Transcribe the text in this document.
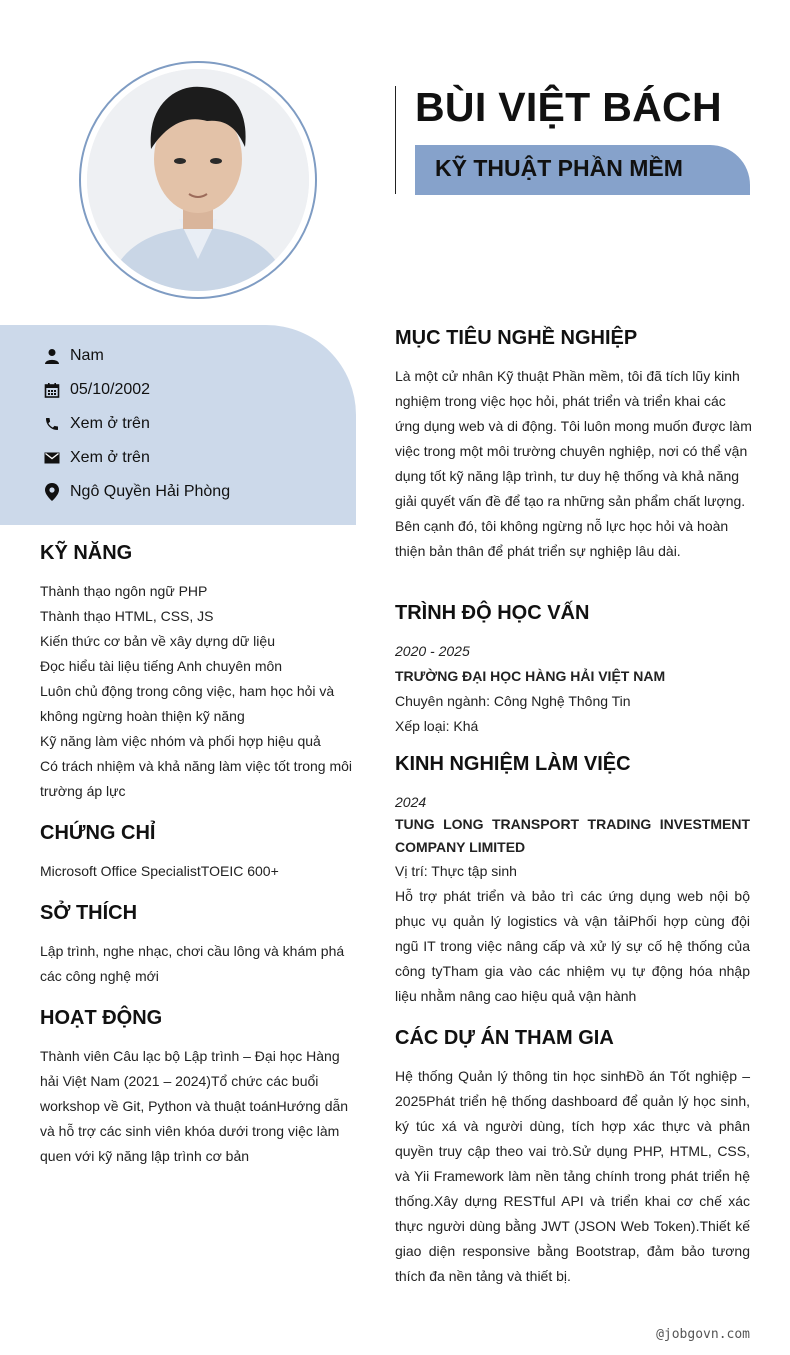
BÙI VIỆT BÁCH
KỸ THUẬT PHẦN MỀM
Nam
05/10/2002
Xem ở trên
Xem ở trên
Ngô Quyền Hải Phòng
KỸ NĂNG
Thành thạo ngôn ngữ PHP
Thành thạo HTML, CSS, JS
Kiến thức cơ bản về xây dựng dữ liệu
Đọc hiểu tài liệu tiếng Anh chuyên môn
Luôn chủ động trong công việc, ham học hỏi và
không ngừng hoàn thiện kỹ năng
Kỹ năng làm việc nhóm và phối hợp hiệu quả
Có trách nhiệm và khả năng làm việc tốt trong môi
trường áp lực
CHỨNG CHỈ
Microsoft Office SpecialistTOEIC 600+
SỞ THÍCH
Lập trình, nghe nhạc, chơi cầu lông và khám phá
các công nghệ mới
HOẠT ĐỘNG
Thành viên Câu lạc bộ Lập trình – Đại học Hàng
hải Việt Nam (2021 – 2024)Tổ chức các buổi
workshop về Git, Python và thuật toánHướng dẫn
và hỗ trợ các sinh viên khóa dưới trong việc làm
quen với kỹ năng lập trình cơ bản
MỤC TIÊU NGHỀ NGHIỆP
Là một cử nhân Kỹ thuật Phần mềm, tôi đã tích lũy kinh
nghiệm trong việc học hỏi, phát triển và triển khai các
ứng dụng web và di động. Tôi luôn mong muốn được làm
việc trong một môi trường chuyên nghiệp, nơi có thể vận
dụng tốt kỹ năng lập trình, tư duy hệ thống và khả năng
giải quyết vấn đề để tạo ra những sản phẩm chất lượng.
Bên cạnh đó, tôi không ngừng nỗ lực học hỏi và hoàn
thiện bản thân để phát triển sự nghiệp lâu dài.
TRÌNH ĐỘ HỌC VẤN
2020 - 2025
TRƯỜNG ĐẠI HỌC HÀNG HẢI VIỆT NAM
Chuyên ngành: Công Nghệ Thông Tin
Xếp loại: Khá
KINH NGHIỆM LÀM VIỆC
2024
TUNG LONG TRANSPORT TRADING INVESTMENT COMPANY LIMITED
Vị trí: Thực tập sinh
Hỗ trợ phát triển và bảo trì các ứng dụng web nội bộ phục vụ quản lý logistics và vận tảiPhối hợp cùng đội ngũ IT trong việc nâng cấp và xử lý sự cố hệ thống của công tyTham gia vào các nhiệm vụ tự động hóa nhập liệu nhằm nâng cao hiệu quả vận hành
CÁC DỰ ÁN THAM GIA
Hệ thống Quản lý thông tin học sinhĐồ án Tốt nghiệp – 2025Phát triển hệ thống dashboard để quản lý học sinh, ký túc xá và người dùng, tích hợp xác thực và phân quyền truy cập theo vai trò.Sử dụng PHP, HTML, CSS, và Yii Framework làm nền tảng chính trong phát triển hệ thống.Xây dựng RESTful API và triển khai cơ chế xác thực người dùng bằng JWT (JSON Web Token).Thiết kế giao diện responsive bằng Bootstrap, đảm bảo tương thích đa nền tảng và thiết bị.
@jobgovn.com
